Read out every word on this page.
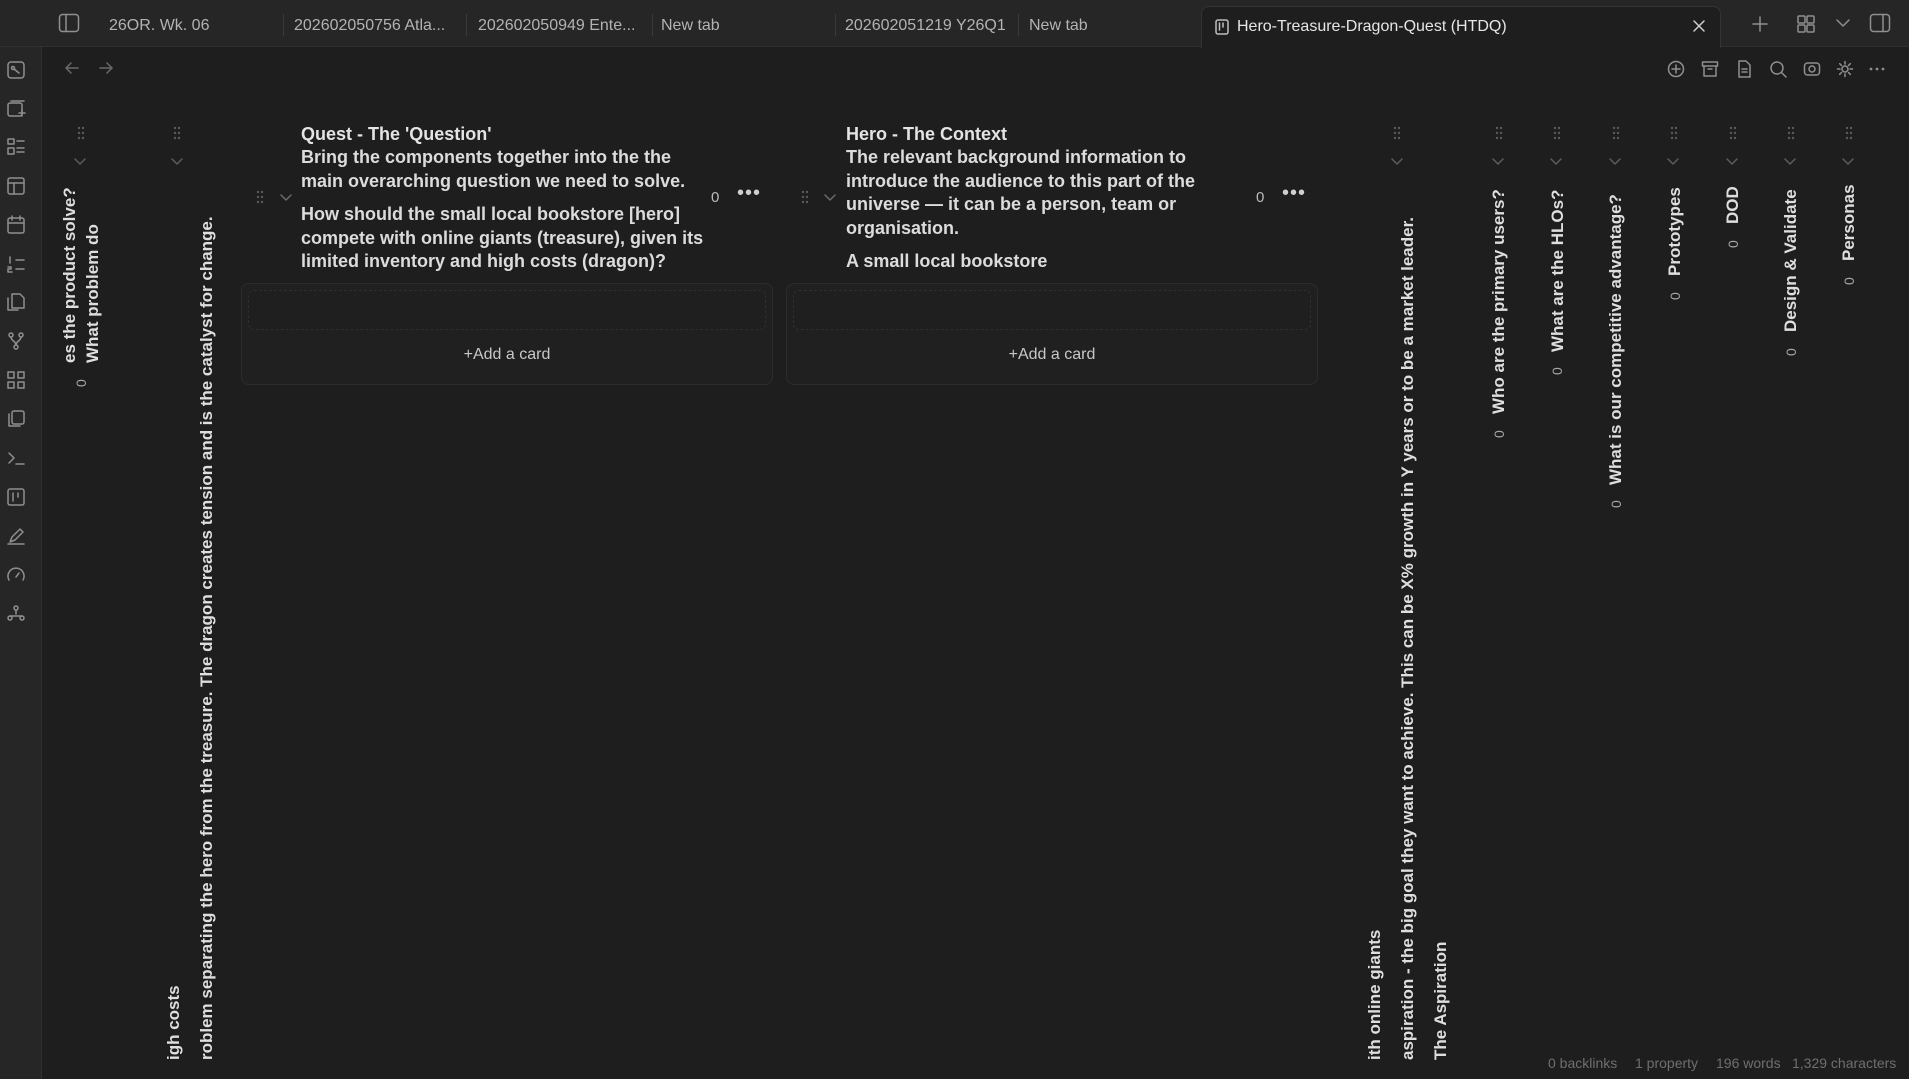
26OR. Wk. 06	202602050756 Atla...	202602050949 Ente...	New tab	202602051219 Y26Q1	New tab	Hero-Treasure-Dragon-Quest (HTDQ)
es the product solve? What problem do
0	roblem separating the hero from the treasure. The dragon creates tension and is the catalyst for change.
igh costs
Quest - The 'Question'
Bring the components together into the the main overarching question we need to solve.
How should the small local bookstore [hero] compete with online giants (treasure), given its limited inventory and high costs (dragon)?
0 •••
+Add a card
Hero - The Context
The relevant background information to introduce the audience to this part of the universe — it can be a person, team or organisation.
A small local bookstore
0 •••
+Add a card
ith online giants aspiration - the big goal they want to achieve. This can be X% growth in Y years or to be a market leader. The Aspiration
Who are the primary users?
0
What are the HLOs?
0 What is our competitive advantage?
0
Prototypes
0
DOD
0 Design & Validate
0
Personas
0
0 backlinks 1 property 196 words 1,329 characters
